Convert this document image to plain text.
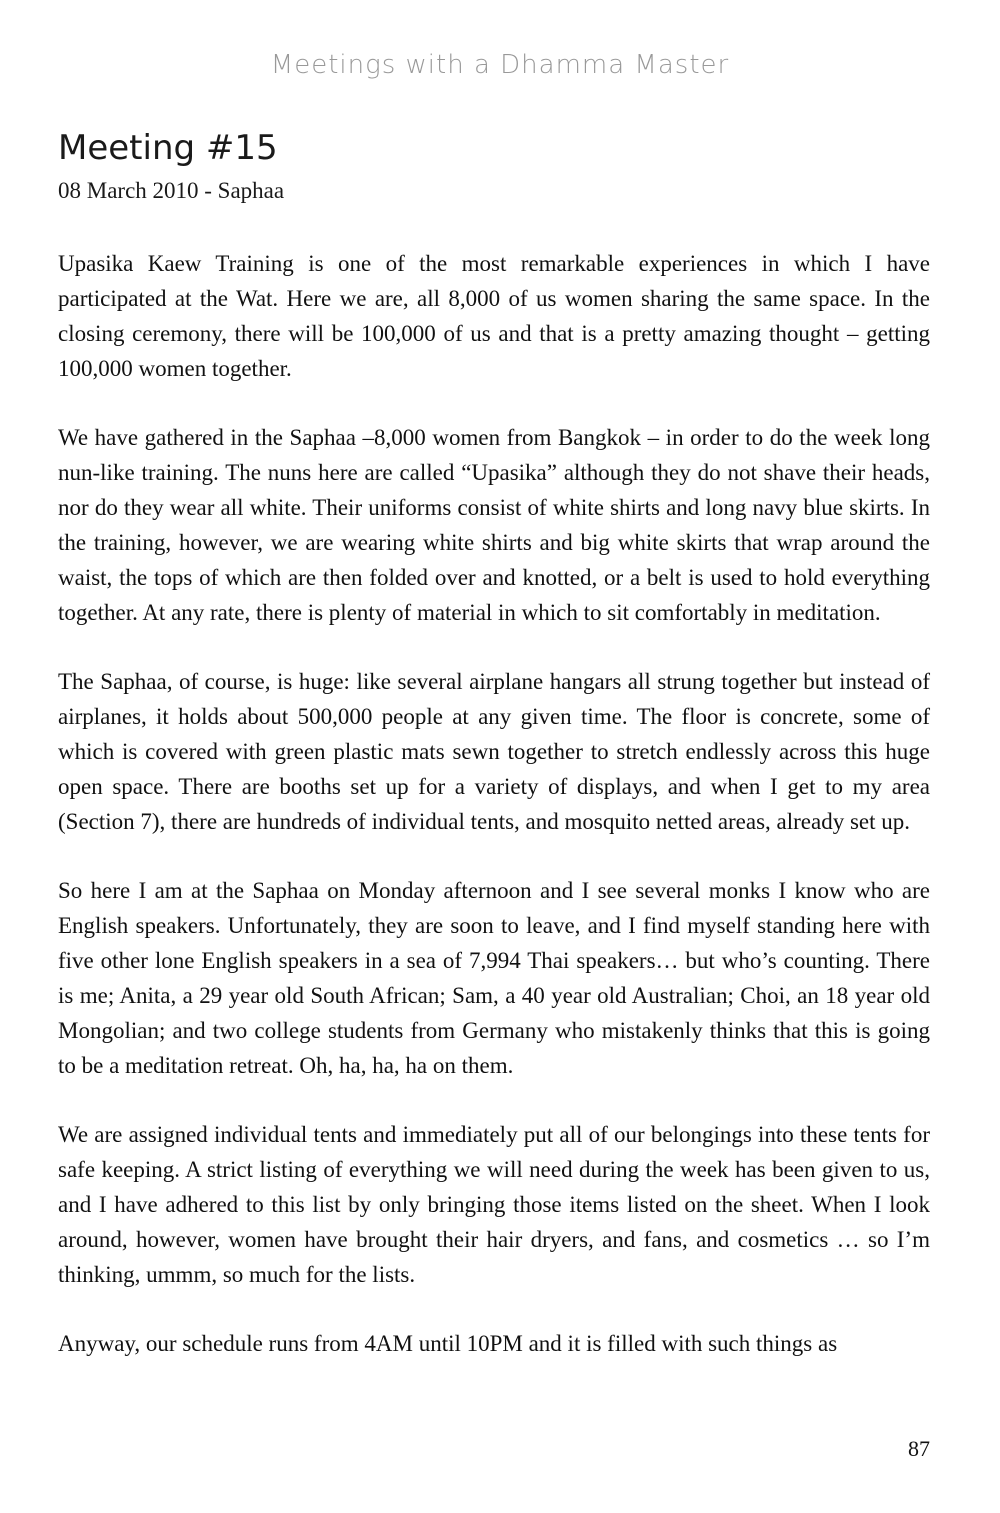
Meetings with a Dhamma Master
Meeting #15
08 March 2010 - Saphaa

Upasika Kaew Training is one of the most remarkable experiences in which I have participated at the Wat. Here we are, all 8,000 of us women sharing the same space. In the closing ceremony, there will be 100,000 of us and that is a pretty amazing thought – getting 100,000 women together.

We have gathered in the Saphaa –8,000 women from Bangkok – in order to do the week long nun-like training. The nuns here are called “Upasika” although they do not shave their heads, nor do they wear all white. Their uniforms consist of white shirts and long navy blue skirts. In the training, however, we are wearing white shirts and big white skirts that wrap around the waist, the tops of which are then folded over and knotted, or a belt is used to hold everything together. At any rate, there is plenty of material in which to sit comfortably in meditation.

The Saphaa, of course, is huge: like several airplane hangars all strung together but instead of airplanes, it holds about 500,000 people at any given time. The floor is concrete, some of which is covered with green plastic mats sewn together to stretch endlessly across this huge open space. There are booths set up for a variety of displays, and when I get to my area (Section 7), there are hundreds of individual tents, and mosquito netted areas, already set up.

So here I am at the Saphaa on Monday afternoon and I see several monks I know who are English speakers. Unfortunately, they are soon to leave, and I find myself standing here with five other lone English speakers in a sea of 7,994 Thai speakers… but who’s counting. There is me; Anita, a 29 year old South African; Sam, a 40 year old Australian; Choi, an 18 year old Mongolian; and two college students from Germany who mistakenly thinks that this is going to be a meditation retreat. Oh, ha, ha, ha on them.

We are assigned individual tents and immediately put all of our belongings into these tents for safe keeping. A strict listing of everything we will need during the week has been given to us, and I have adhered to this list by only bringing those items listed on the sheet. When I look around, however, women have brought their hair dryers, and fans, and cosmetics … so I’m thinking, ummm, so much for the lists.

Anyway, our schedule runs from 4AM until 10PM and it is filled with such things as

87
